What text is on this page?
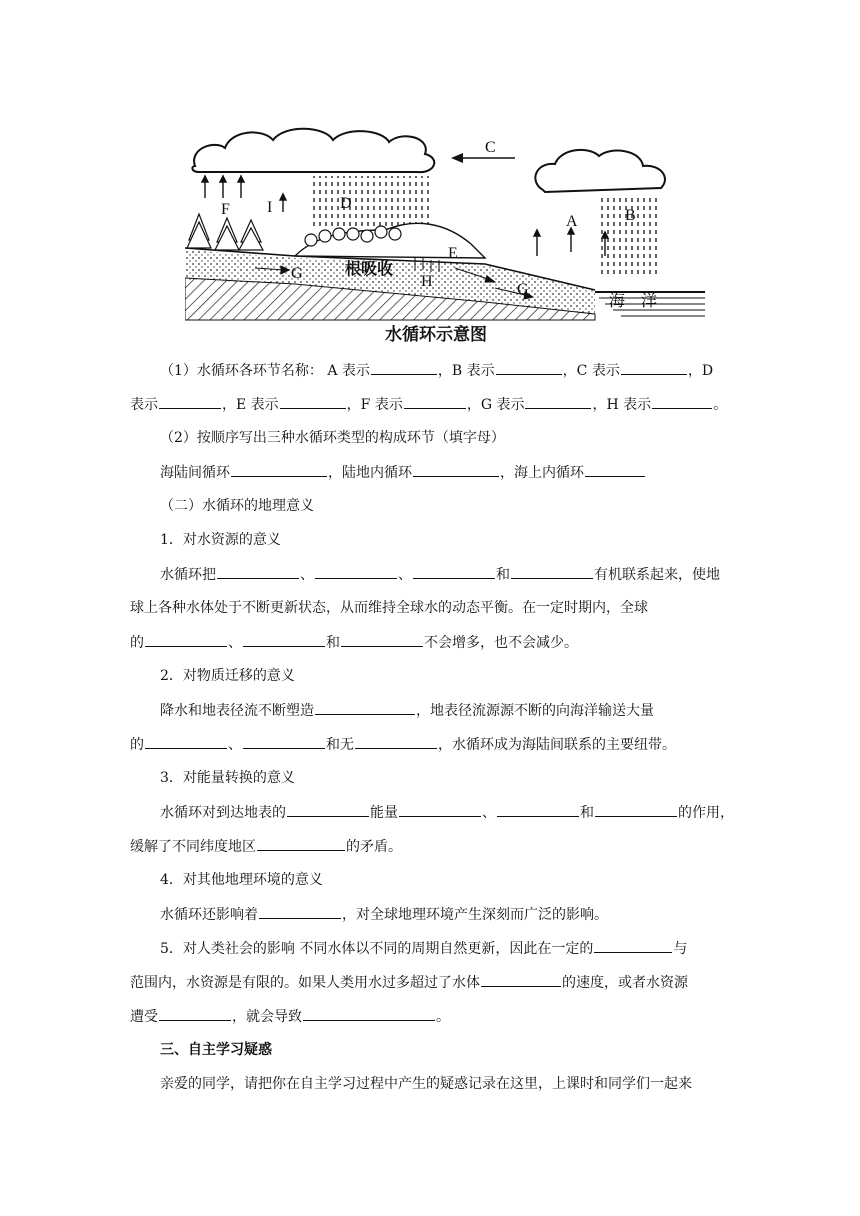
C
D
B
A
F I
E
G	H	G
根吸收
海　洋
水循环示意图
（1）水循环各环节名称： A 表示	，B 表示	，C 表示	，D
表示	，E 表示	，F 表示	，G 表示	，H 表示	。
（2）按顺序写出三种水循环类型的构成环节（填字母）
海陆间循环	，陆地内循环	，海上内循环
（二）水循环的地理意义
1．对水资源的意义
水循环把	、	、	和	有机联系起来，使地
球上各种水体处于不断更新状态，从而维持全球水的动态平衡。在一定时期内，全球
的	、	和	不会增多，也不会减少。
2．对物质迁移的意义
降水和地表径流不断塑造	，地表径流源源不断的向海洋输送大量
的	、	和无	，水循环成为海陆间联系的主要纽带。
3．对能量转换的意义
水循环对到达地表的	能量	、	和	的作用，
缓解了不同纬度地区	的矛盾。
4．对其他地理环境的意义
水循环还影响着	，对全球地理环境产生深刻而广泛的影响。
5．对人类社会的影响 不同水体以不同的周期自然更新，因此在一定的	与
范围内，水资源是有限的。如果人类用水过多超过了水体	的速度，或者水资源
遭受	，就会导致	。
三、自主学习疑惑
亲爱的同学，请把你在自主学习过程中产生的疑惑记录在这里，上课时和同学们一起来
